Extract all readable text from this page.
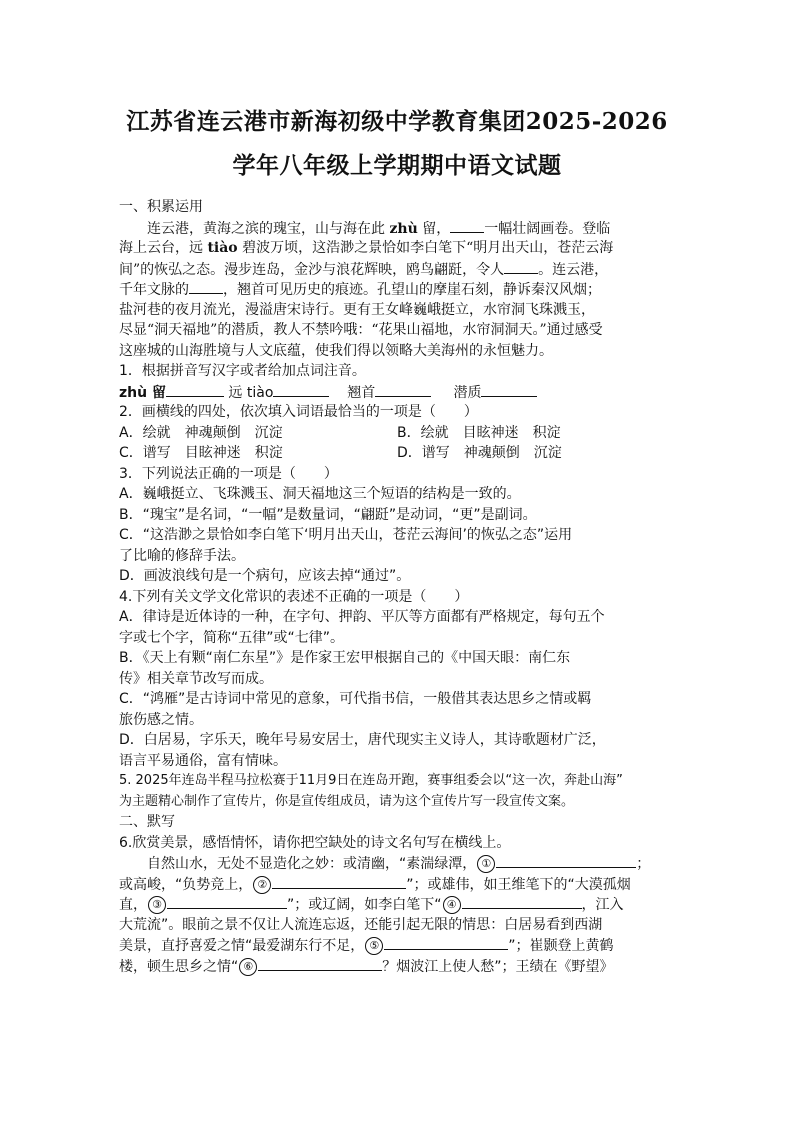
江苏省连云港市新海初级中学教育集团2025-2026
学年八年级上学期期中语文试题
一、积累运用
连云港，黄海之滨的瑰宝，山与海在此 zhù 留， 一幅壮阔画卷。登临
海上云台，远 tiào 碧波万顷，这浩渺之景恰如李白笔下“明月出天山，苍茫云海
间”的恢弘之态。漫步连岛，金沙与浪花辉映，鸥鸟翩跹，令人 。连云港，
千年文脉的 ，翘首可见历史的痕迹。孔望山的摩崖石刻，静诉秦汉风烟；
盐河巷的夜月流光，漫溢唐宋诗行。更有王女峰巍峨挺立，水帘洞飞珠溅玉，
尽显“洞天福地”的潜质，教人不禁吟哦：“花果山福地，水帘洞洞天。”通过感受
这座城的山海胜境与人文底蕴，使我们得以领略大美海州的永恒魅力。
1．根据拼音写汉字或者给加点词注音。
zhù 留	远 tiào	翘首	潜质
2．画横线的四处，依次填入词语最恰当的一项是（　　）
A．绘就　神魂颠倒　沉淀	B．绘就　目眩神迷　积淀
C．谱写　目眩神迷　积淀	D．谱写　神魂颠倒　沉淀
3．下列说法正确的一项是（　　）
A．巍峨挺立、飞珠溅玉、洞天福地这三个短语的结构是一致的。
B．“瑰宝”是名词，“一幅”是数量词，“翩跹”是动词，“更”是副词。
C．“这浩渺之景恰如李白笔下‘明月出天山，苍茫云海间’的恢弘之态”运用
了比喻的修辞手法。
D．画波浪线句是一个病句，应该去掉“通过”。
4.下列有关文学文化常识的表述不正确的一项是（　　）
A．律诗是近体诗的一种，在字句、押韵、平仄等方面都有严格规定，每句五个
字或七个字，简称“五律”或“七律”。
B．《天上有颗“南仁东星”》是作家王宏甲根据自己的《中国天眼：南仁东
传》相关章节改写而成。
C．“鸿雁”是古诗词中常见的意象，可代指书信，一般借其表达思乡之情或羁
旅伤感之情。
D．白居易，字乐天，晚年号易安居士，唐代现实主义诗人，其诗歌题材广泛，
语言平易通俗，富有情味。
5. 2025年连岛半程马拉松赛于11月9日在连岛开跑，赛事组委会以“这一次，奔赴山海”
为主题精心制作了宣传片，你是宣传组成员，请为这个宣传片写一段宣传文案。
二、默写
6.欣赏美景，感悟情怀，请你把空缺处的诗文名句写在横线上。
自然山水，无处不显造化之妙：或清幽，“素湍绿潭， ①	；
或高峻，“负势竞上， ②	”；或雄伟，如王维笔下的“大漠孤烟
直， ③	”；或辽阔，如李白笔下“ ④	，江入
大荒流”。眼前之景不仅让人流连忘返，还能引起无限的情思：白居易看到西湖
美景，直抒喜爱之情“最爱湖东行不足， ⑤	”；崔颢登上黄鹤
楼，顿生思乡之情“ ⑥	？烟波江上使人愁”；王绩在《野望》
